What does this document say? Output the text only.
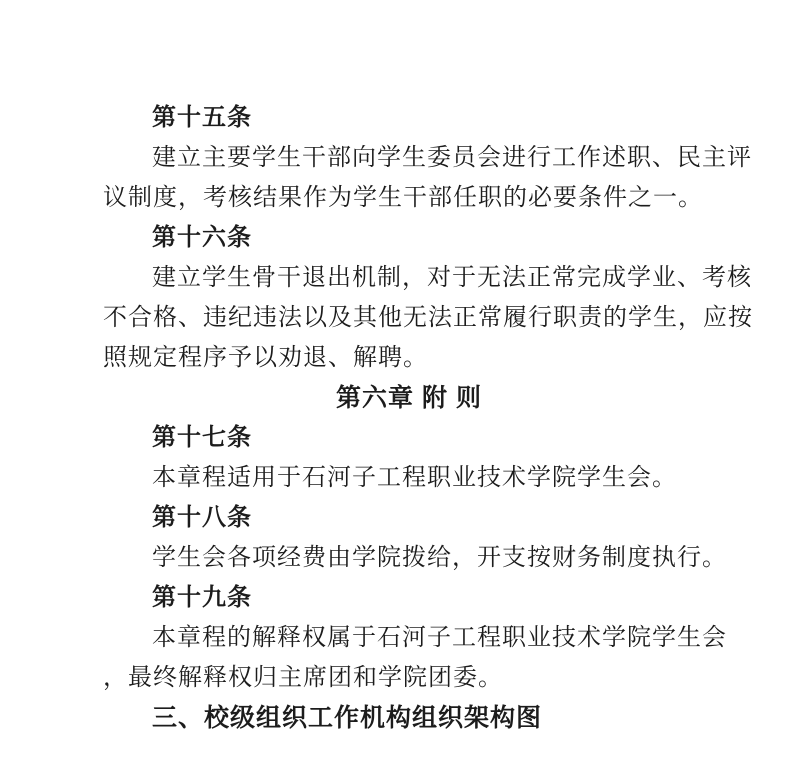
第十五条
建立主要学生干部向学生委员会进行工作述职、民主评
议制度，考核结果作为学生干部任职的必要条件之一。
第十六条
建立学生骨干退出机制，对于无法正常完成学业、考核
不合格、违纪违法以及其他无法正常履行职责的学生，应按
照规定程序予以劝退、解聘。
第六章 附 则
第十七条
本章程适用于石河子工程职业技术学院学生会。
第十八条
学生会各项经费由学院拨给，开支按财务制度执行。
第十九条
本章程的解释权属于石河子工程职业技术学院学生会
，最终解释权归主席团和学院团委。
三、校级组织工作机构组织架构图
